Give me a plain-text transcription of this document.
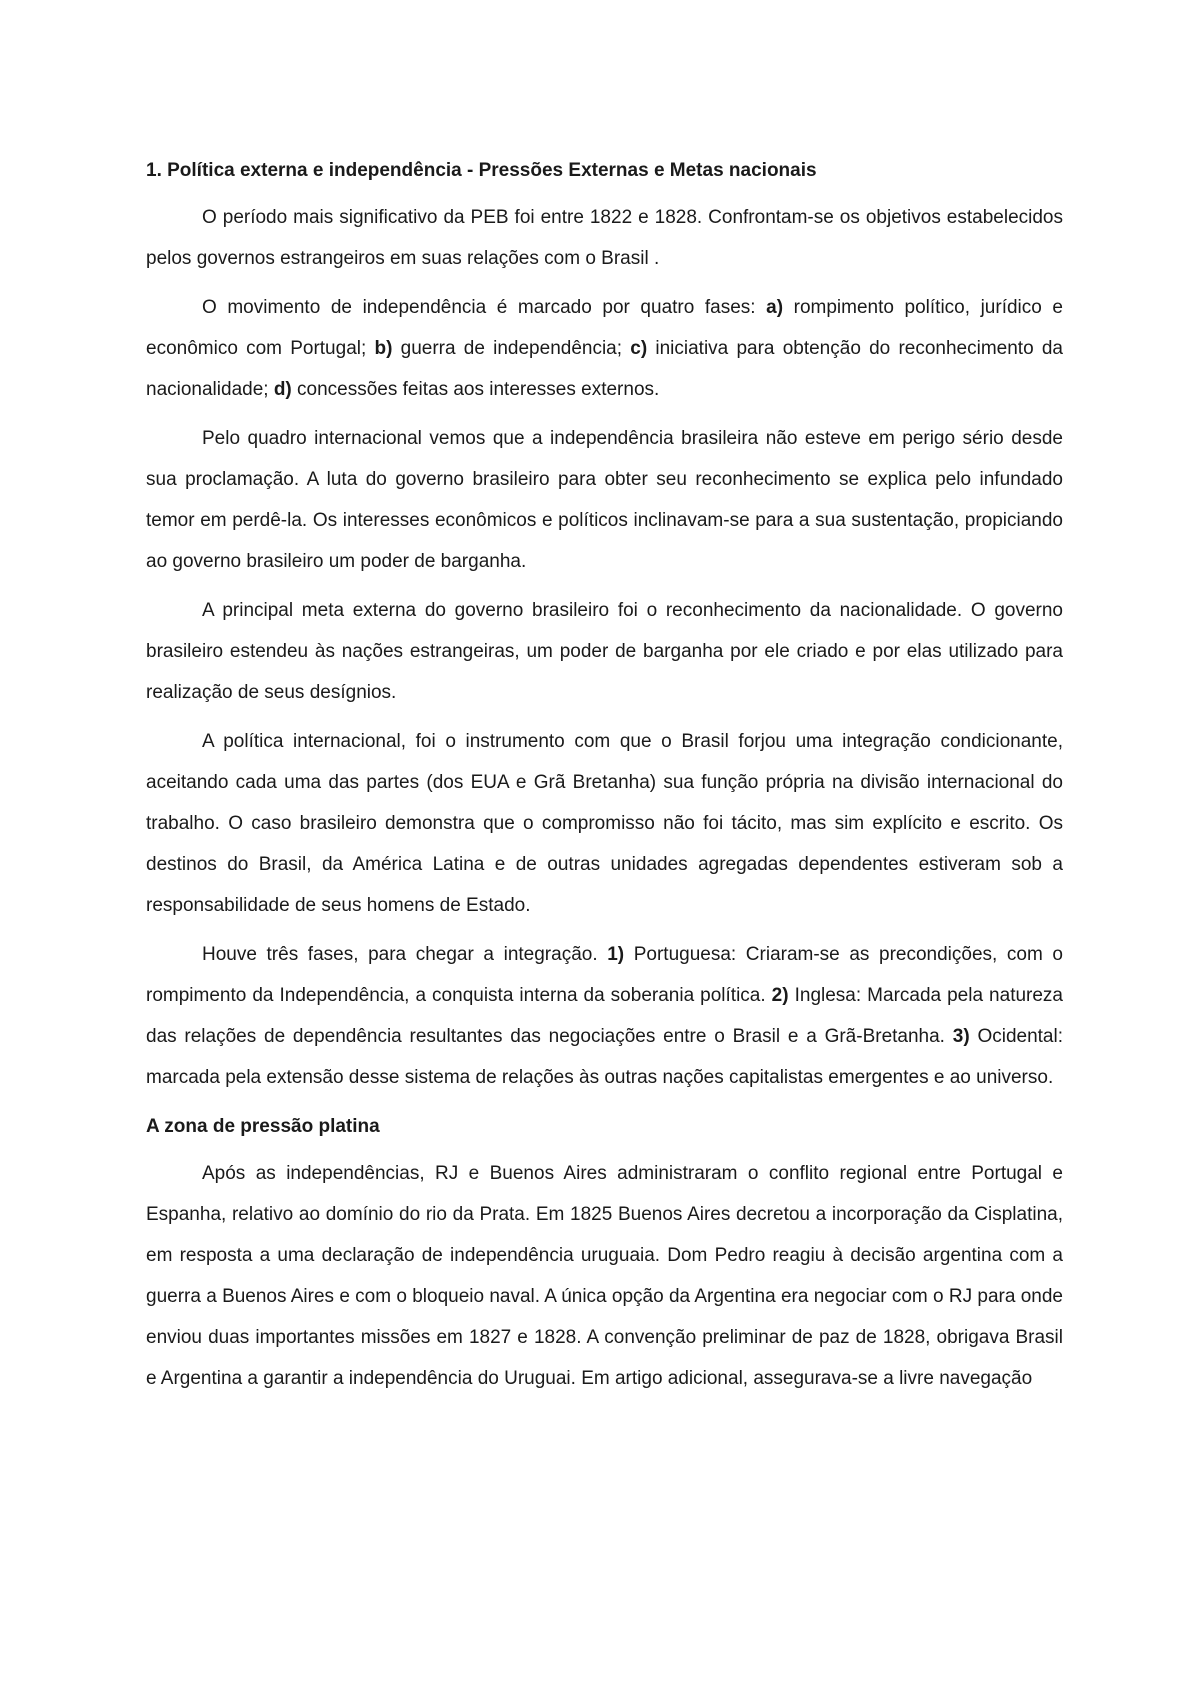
1. Política externa e independência - Pressões Externas e Metas nacionais

O período mais significativo da PEB foi entre 1822 e 1828. Confrontam-se os objetivos estabelecidos pelos governos estrangeiros em suas relações com o Brasil .

O movimento de independência é marcado por quatro fases: a) rompimento político, jurídico e econômico com Portugal; b) guerra de independência; c) iniciativa para obtenção do reconhecimento da nacionalidade; d) concessões feitas aos interesses externos.

Pelo quadro internacional vemos que a independência brasileira não esteve em perigo sério desde sua proclamação. A luta do governo brasileiro para obter seu reconhecimento se explica pelo infundado temor em perdê-la. Os interesses econômicos e políticos inclinavam-se para a sua sustentação, propiciando ao governo brasileiro um poder de barganha.

A principal meta externa do governo brasileiro foi o reconhecimento da nacionalidade. O governo brasileiro estendeu às nações estrangeiras, um poder de barganha por ele criado e por elas utilizado para realização de seus desígnios.

A política internacional, foi o instrumento com que o Brasil forjou uma integração condicionante, aceitando cada uma das partes (dos EUA e Grã Bretanha) sua função própria na divisão internacional do trabalho. O caso brasileiro demonstra que o compromisso não foi tácito, mas sim explícito e escrito. Os destinos do Brasil, da América Latina e de outras unidades agregadas dependentes estiveram sob a responsabilidade de seus homens de Estado.

Houve três fases, para chegar a integração. 1) Portuguesa: Criaram-se as precondições, com o rompimento da Independência, a conquista interna da soberania política. 2) Inglesa: Marcada pela natureza das relações de dependência resultantes das negociações entre o Brasil e a Grã-Bretanha. 3) Ocidental: marcada pela extensão desse sistema de relações às outras nações capitalistas emergentes e ao universo.

A zona de pressão platina

Após as independências, RJ e Buenos Aires administraram o conflito regional entre Portugal e Espanha, relativo ao domínio do rio da Prata. Em 1825 Buenos Aires decretou a incorporação da Cisplatina, em resposta a uma declaração de independência uruguaia. Dom Pedro reagiu à decisão argentina com a guerra a Buenos Aires e com o bloqueio naval. A única opção da Argentina era negociar com o RJ para onde enviou duas importantes missões em 1827 e 1828. A convenção preliminar de paz de 1828, obrigava Brasil e Argentina a garantir a independência do Uruguai. Em artigo adicional, assegurava-se a livre navegação
